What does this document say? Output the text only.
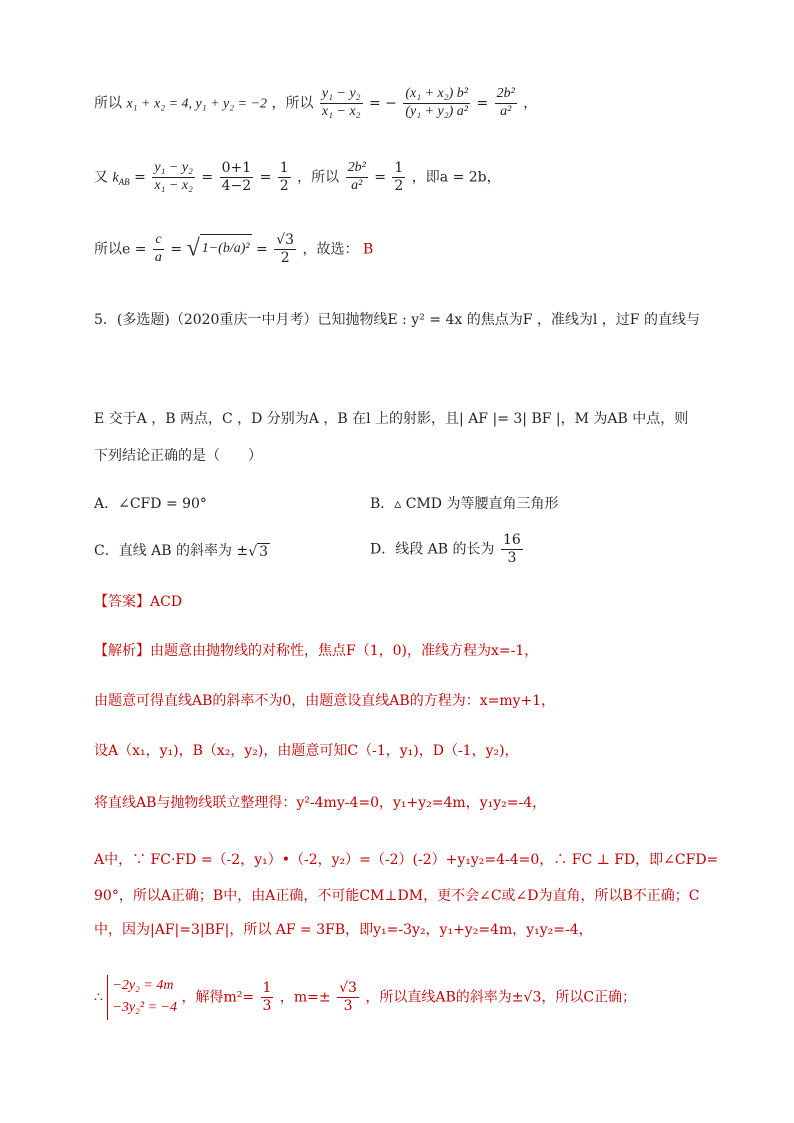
所以 x₁ + x₂ = 4, y₁ + y₂ = −2 ，所以 $\frac{\text{y₁ − y₂}}{\text{x₁ − x₂}}$ = − $\frac{\text{(x₁ + x₂) b²}}{\text{(y₁ + y₂) a²}} = \frac{\text{2b²}}{\text{a²}}$ ，
又 $k_{AB} = \frac{\text{y₁ − y₂}}{\text{x₁ − x₂}} = \frac{0+1}{4-2} = \frac{1}{2}$ ，所以 $\frac{\text{2b²}}{\text{a²}} = \frac{1}{2}$ ，即a = 2b，
所以$e = \frac{c}{a}$ = √ $1-(b/a)^2 = \frac{√3}{2}$ ，故选： B
5．(多选题)（2020重庆一中月考）已知抛物线E : y² = 4x 的焦点为F ，准线为l ，过F 的直线与
E 交于A ，B 两点，C ，D 分别为A ，B 在l 上的射影，且| AF |= 3| BF |，M 为AB 中点，则
下列结论正确的是（　　）
A．∠CFD = 90°	B．▵ CMD 为等腰直角三角形
C．直线 AB 的斜率为 ±√ 3	D．线段 AB 的长为 $\frac{16}{3}$
【答案】ACD
【解析】由题意由抛物线的对称性，焦点F（1，0)，准线方程为x=-1，
由题意可得直线AB的斜率不为0，由题意设直线AB的方程为：x=my+1，
设A（x₁，y₁)，B（x₂，y₂)，由题意可知C（-1，y₁)，D（-1，y₂)，
将直线AB与抛物线联立整理得：y²-4my-4=0，y₁+y₂=4m，y₁y₂=-4，
A中，∵ FC·FD =（-2，y₁）•（-2，y₂）=（-2）(-2）+y₁y₂=4-4=0，∴ FC ⊥ FD，即∠CFD=
90°，所以A正确；B中，由A正确，不可能CM⊥DM，更不会∠C或∠D为直角，所以B不正确；C
中，因为|AF|=3|BF|，所以 AF = 3FB，即y₁=-3y₂，y₁+y₂=4m，y₁y₂=-4，
∴
−2y₂ = 4m
−3y₂² = −4
，解得$m^2= \frac{1}{3}$ ，$m=\pm \frac{√3}{3}$ ，所以直线AB的斜率为±√3，所以C正确；
